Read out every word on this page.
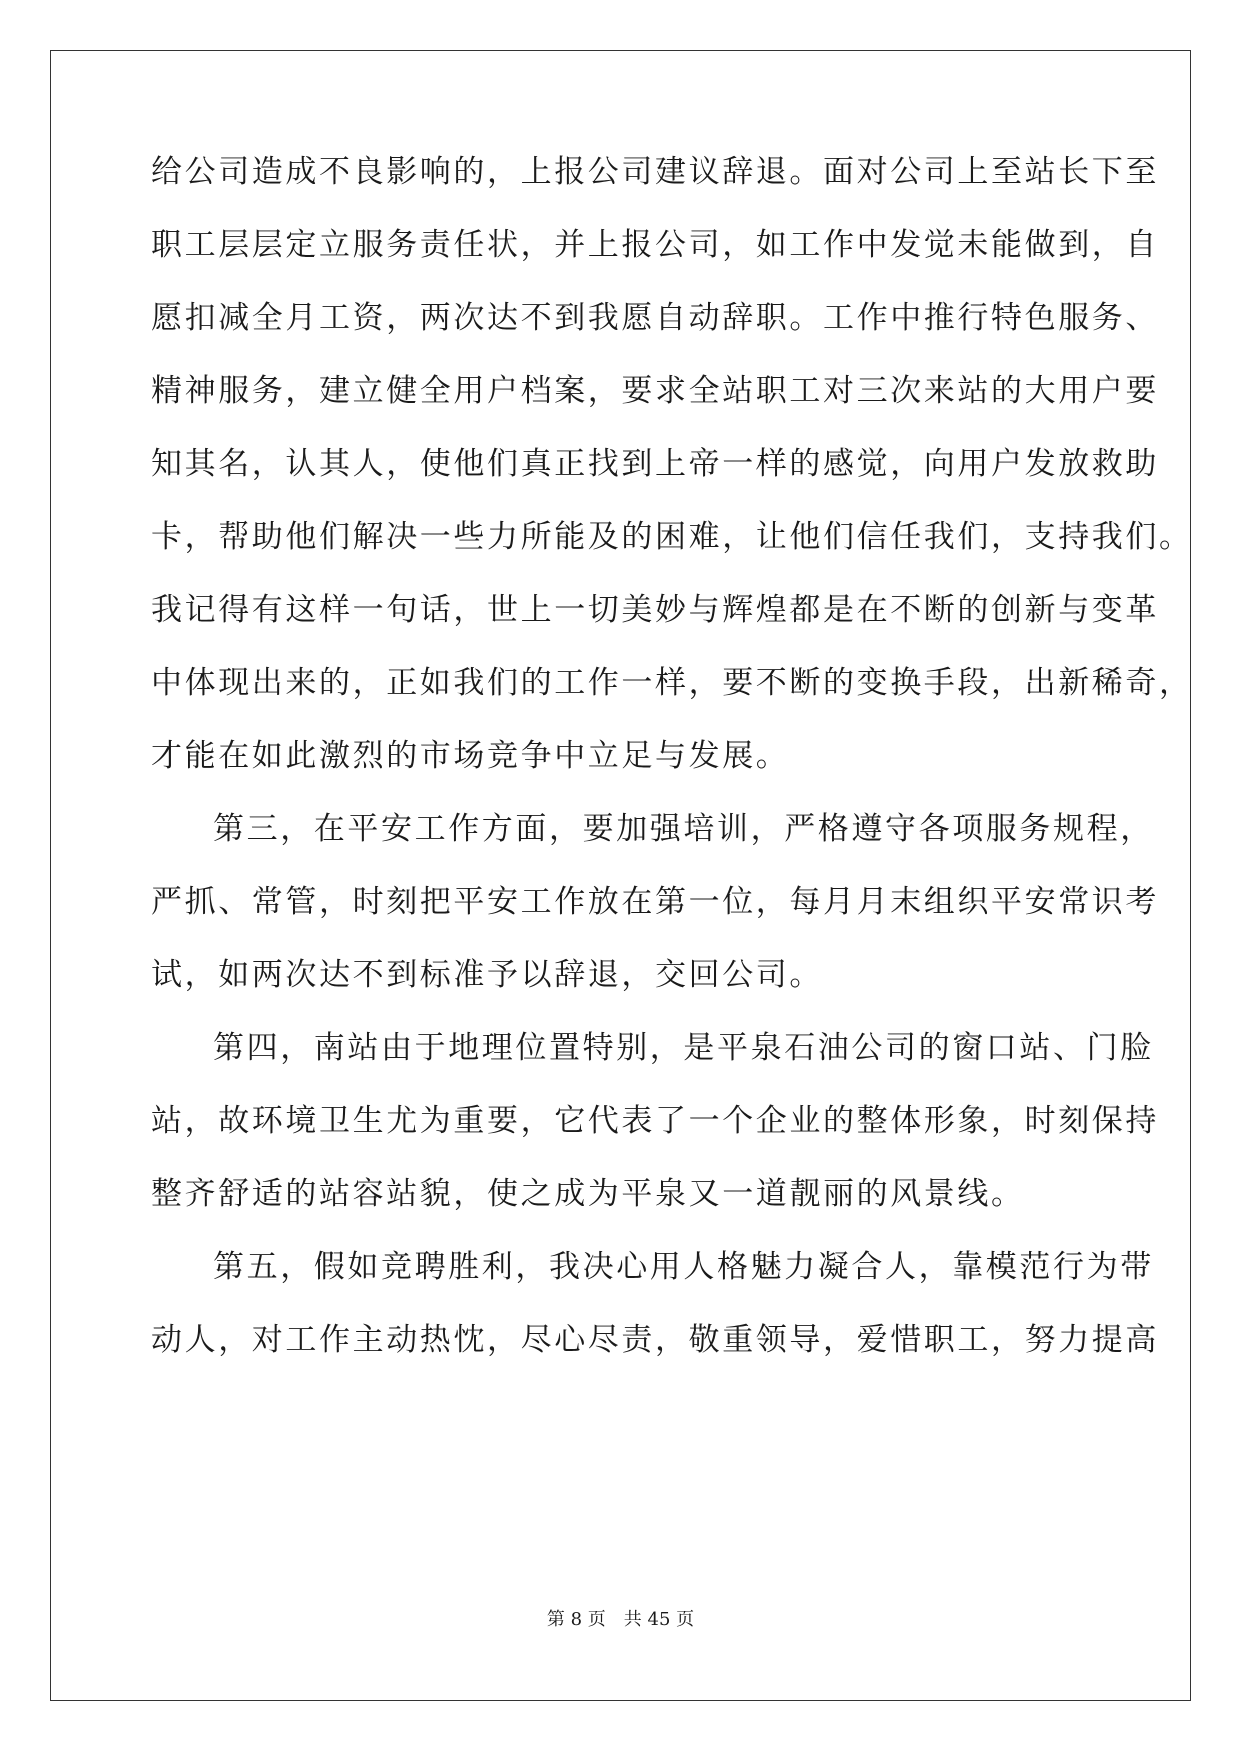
给公司造成不良影响的，上报公司建议辞退。面对公司上至站长下至

职工层层定立服务责任状，并上报公司，如工作中发觉未能做到，自

愿扣减全月工资，两次达不到我愿自动辞职。工作中推行特色服务、

精神服务，建立健全用户档案，要求全站职工对三次来站的大用户要

知其名，认其人，使他们真正找到上帝一样的感觉，向用户发放救助

卡，帮助他们解决一些力所能及的困难，让他们信任我们，支持我们。

我记得有这样一句话，世上一切美妙与辉煌都是在不断的创新与变革

中体现出来的，正如我们的工作一样，要不断的变换手段，出新稀奇，

才能在如此激烈的市场竞争中立足与发展。

第三，在平安工作方面，要加强培训，严格遵守各项服务规程，

严抓、常管，时刻把平安工作放在第一位，每月月末组织平安常识考

试，如两次达不到标准予以辞退，交回公司。

第四，南站由于地理位置特别，是平泉石油公司的窗口站、门脸

站，故环境卫生尤为重要，它代表了一个企业的整体形象，时刻保持

整齐舒适的站容站貌，使之成为平泉又一道靓丽的风景线。

第五，假如竞聘胜利，我决心用人格魅力凝合人，靠模范行为带

动人，对工作主动热忱，尽心尽责，敬重领导，爱惜职工，努力提高

第 8 页 共 45 页
